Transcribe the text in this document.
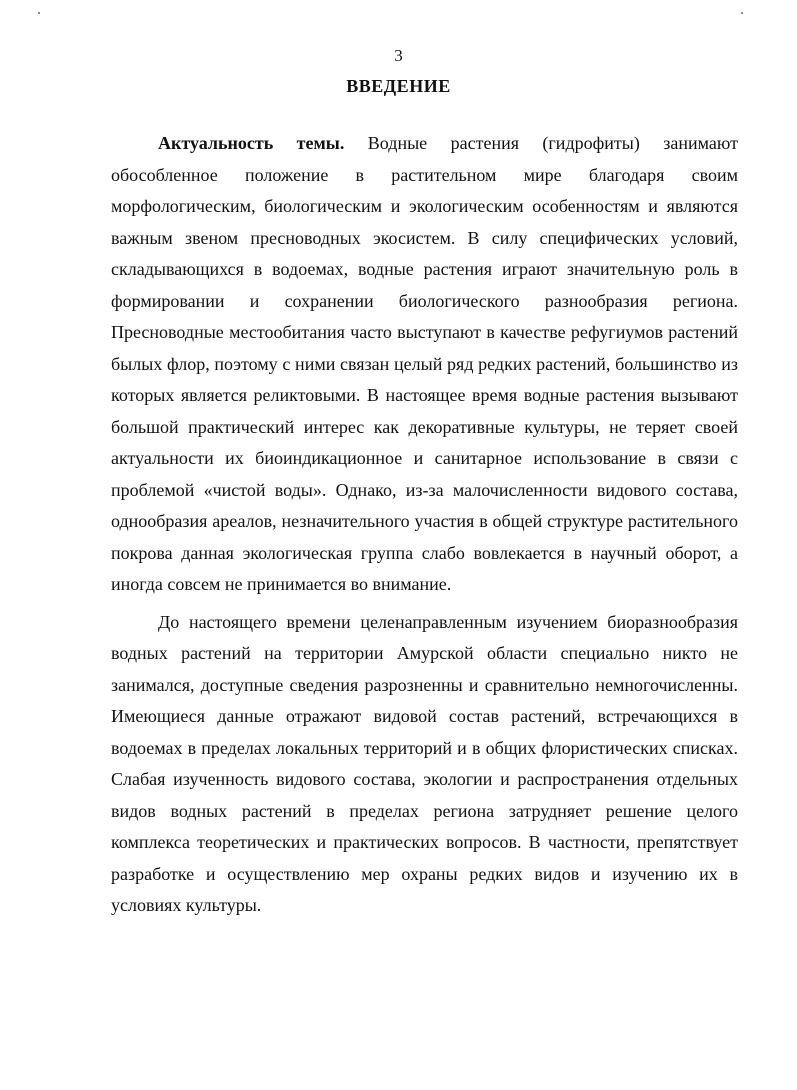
3
ВВЕДЕНИЕ

Актуальность темы. Водные растения (гидрофиты) занимают обособленное положение в растительном мире благодаря своим морфологическим, биологическим и экологическим особенностям и являются важным звеном пресноводных экосистем. В силу специфических условий, складывающихся в водоемах, водные растения играют значительную роль в формировании и сохранении биологического разнообразия региона. Пресноводные местообитания часто выступают в качестве рефугиумов растений былых флор, поэтому с ними связан целый ряд редких растений, большинство из которых является реликтовыми. В настоящее время водные растения вызывают большой практический интерес как декоративные культуры, не теряет своей актуальности их биоиндикационное и санитарное использование в связи с проблемой «чистой воды». Однако, из-за малочисленности видового состава, однообразия ареалов, незначительного участия в общей структуре растительного покрова данная экологическая группа слабо вовлекается в научный оборот, а иногда совсем не принимается во внимание.

До настоящего времени целенаправленным изучением биоразнообразия водных растений на территории Амурской области специально никто не занимался, доступные сведения разрозненны и сравнительно немногочисленны. Имеющиеся данные отражают видовой состав растений, встречающихся в водоемах в пределах локальных территорий и в общих флористических списках. Слабая изученность видового состава, экологии и распространения отдельных видов водных растений в пределах региона затрудняет решение целого комплекса теоретических и практических вопросов. В частности, препятствует разработке и осуществлению мер охраны редких видов и изучению их в условиях культуры.
